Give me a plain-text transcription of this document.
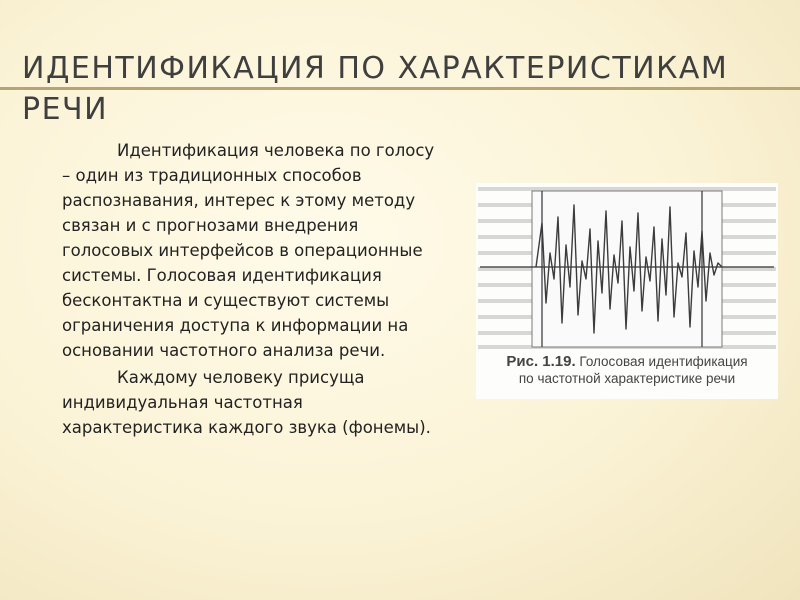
ИДЕНТИФИКАЦИЯ ПО ХАРАКТЕРИСТИКАМ РЕЧИ

Идентификация человека по голосу – один из традиционных способов распознавания, интерес к этому методу связан и с прогнозами внедрения голосовых интерфейсов в операционные системы. Голосовая идентификация бесконтактна и существуют системы ограничения доступа к информации на основании частотного анализа речи.

Каждому человеку присуща индивидуальная частотная характеристика каждого звука (фонемы).

Рис. 1.19. Голосовая идентификация
по частотной характеристике речи
